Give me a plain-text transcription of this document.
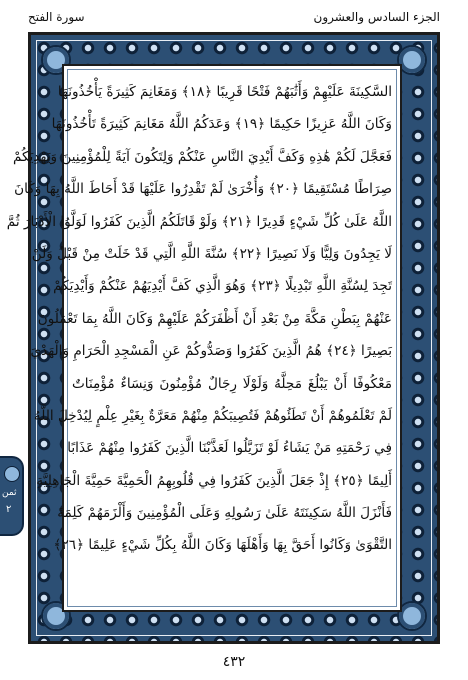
الجزء السادس والعشرون
سورة الفتح
السَّكِينَةَ عَلَيْهِمْ وَأَثَٰبَهُمْ فَتْحًا قَرِيبًا ﴿١٨﴾ وَمَغَانِمَ كَثِيرَةً يَأْخُذُونَهَا
وَكَانَ اللَّهُ عَزِيزًا حَكِيمًا ﴿١٩﴾ وَعَدَكُمُ اللَّهُ مَغَانِمَ كَثِيرَةً تَأْخُذُونَهَا
فَعَجَّلَ لَكُمْ هَٰذِهِ وَكَفَّ أَيْدِيَ النَّاسِ عَنْكُمْ وَلِتَكُونَ آيَةً لِلْمُؤْمِنِينَ وَيَهْدِيَكُمْ
صِرَاطًا مُسْتَقِيمًا ﴿٢٠﴾ وَأُخْرَىٰ لَمْ تَقْدِرُوا عَلَيْهَا قَدْ أَحَاطَ اللَّهُ بِهَا وَكَانَ
اللَّهُ عَلَىٰ كُلِّ شَيْءٍ قَدِيرًا ﴿٢١﴾ وَلَوْ قَاتَلَكُمُ الَّذِينَ كَفَرُوا لَوَلَّوُا الْأَدْبَارَ ثُمَّ
لَا يَجِدُونَ وَلِيًّا وَلَا نَصِيرًا ﴿٢٢﴾ سُنَّةَ اللَّهِ الَّتِي قَدْ خَلَتْ مِنْ قَبْلُ وَلَنْ
تَجِدَ لِسُنَّةِ اللَّهِ تَبْدِيلًا ﴿٢٣﴾ وَهُوَ الَّذِي كَفَّ أَيْدِيَهُمْ عَنْكُمْ وَأَيْدِيَكُمْ
عَنْهُمْ بِبَطْنِ مَكَّةَ مِنْ بَعْدِ أَنْ أَظْفَرَكُمْ عَلَيْهِمْ وَكَانَ اللَّهُ بِمَا تَعْمَلُونَ
بَصِيرًا ﴿٢٤﴾ هُمُ الَّذِينَ كَفَرُوا وَصَدُّوكُمْ عَنِ الْمَسْجِدِ الْحَرَامِ وَالْهَدْيَ
مَعْكُوفًا أَنْ يَبْلُغَ مَحِلَّهُ وَلَوْلَا رِجَالٌ مُؤْمِنُونَ وَنِسَاءٌ مُؤْمِنَاتٌ
لَمْ تَعْلَمُوهُمْ أَنْ تَطَئُوهُمْ فَتُصِيبَكُمْ مِنْهُمْ مَعَرَّةٌ بِغَيْرِ عِلْمٍ لِيُدْخِلَ اللَّهُ
فِي رَحْمَتِهِ مَنْ يَشَاءُ لَوْ تَزَيَّلُوا لَعَذَّبْنَا الَّذِينَ كَفَرُوا مِنْهُمْ عَذَابًا
أَلِيمًا ﴿٢٥﴾ إِذْ جَعَلَ الَّذِينَ كَفَرُوا فِي قُلُوبِهِمُ الْحَمِيَّةَ حَمِيَّةَ الْجَاهِلِيَّةِ
فَأَنْزَلَ اللَّهُ سَكِينَتَهُ عَلَىٰ رَسُولِهِ وَعَلَى الْمُؤْمِنِينَ وَأَلْزَمَهُمْ كَلِمَةَ
التَّقْوَىٰ وَكَانُوا أَحَقَّ بِهَا وَأَهْلَهَا وَكَانَ اللَّهُ بِكُلِّ شَيْءٍ عَلِيمًا ﴿٢٦﴾
ثمن
٢
٤٣٢
